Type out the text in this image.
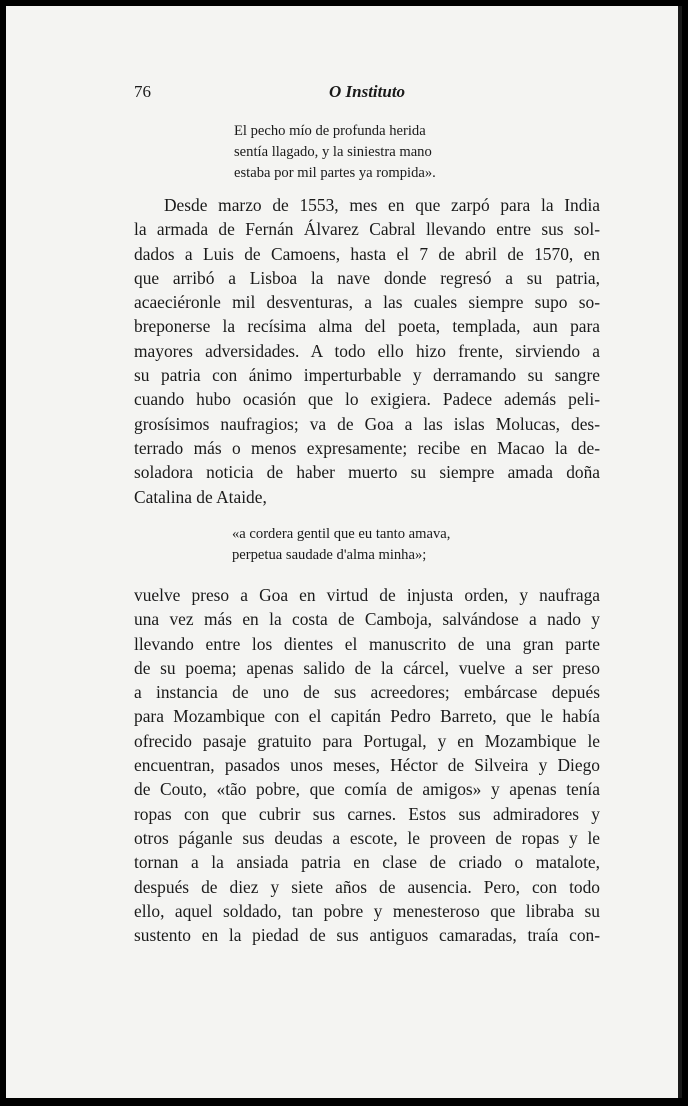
76	O Instituto
El pecho mío de profunda herida
sentía llagado, y la siniestra mano
estaba por mil partes ya rompida».
Desde marzo de 1553, mes en que zarpó para la India
la armada de Fernán Álvarez Cabral llevando entre sus sol-
dados a Luis de Camoens, hasta el 7 de abril de 1570, en
que arribó a Lisboa la nave donde regresó a su patria,
acaeciéronle mil desventuras, a las cuales siempre supo so-
breponerse la recísima alma del poeta, templada, aun para
mayores adversidades. A todo ello hizo frente, sirviendo a
su patria con ánimo imperturbable y derramando su sangre
cuando hubo ocasión que lo exigiera. Padece además peli-
grosísimos naufragios; va de Goa a las islas Molucas, des-
terrado más o menos expresamente; recibe en Macao la de-
soladora noticia de haber muerto su siempre amada doña
Catalina de Ataide,
«a cordera gentil que eu tanto amava,
perpetua saudade d'alma minha»;
vuelve preso a Goa en virtud de injusta orden, y naufraga
una vez más en la costa de Camboja, salvándose a nado y
llevando entre los dientes el manuscrito de una gran parte
de su poema; apenas salido de la cárcel, vuelve a ser preso
a instancia de uno de sus acreedores; embárcase depués
para Mozambique con el capitán Pedro Barreto, que le había
ofrecido pasaje gratuito para Portugal, y en Mozambique le
encuentran, pasados unos meses, Héctor de Silveira y Diego
de Couto, «tão pobre, que comía de amigos» y apenas tenía
ropas con que cubrir sus carnes. Estos sus admiradores y
otros páganle sus deudas a escote, le proveen de ropas y le
tornan a la ansiada patria en clase de criado o matalote,
después de diez y siete años de ausencia. Pero, con todo
ello, aquel soldado, tan pobre y menesteroso que librabа su
sustento en la piedad de sus antiguos camaradas, traía con-
